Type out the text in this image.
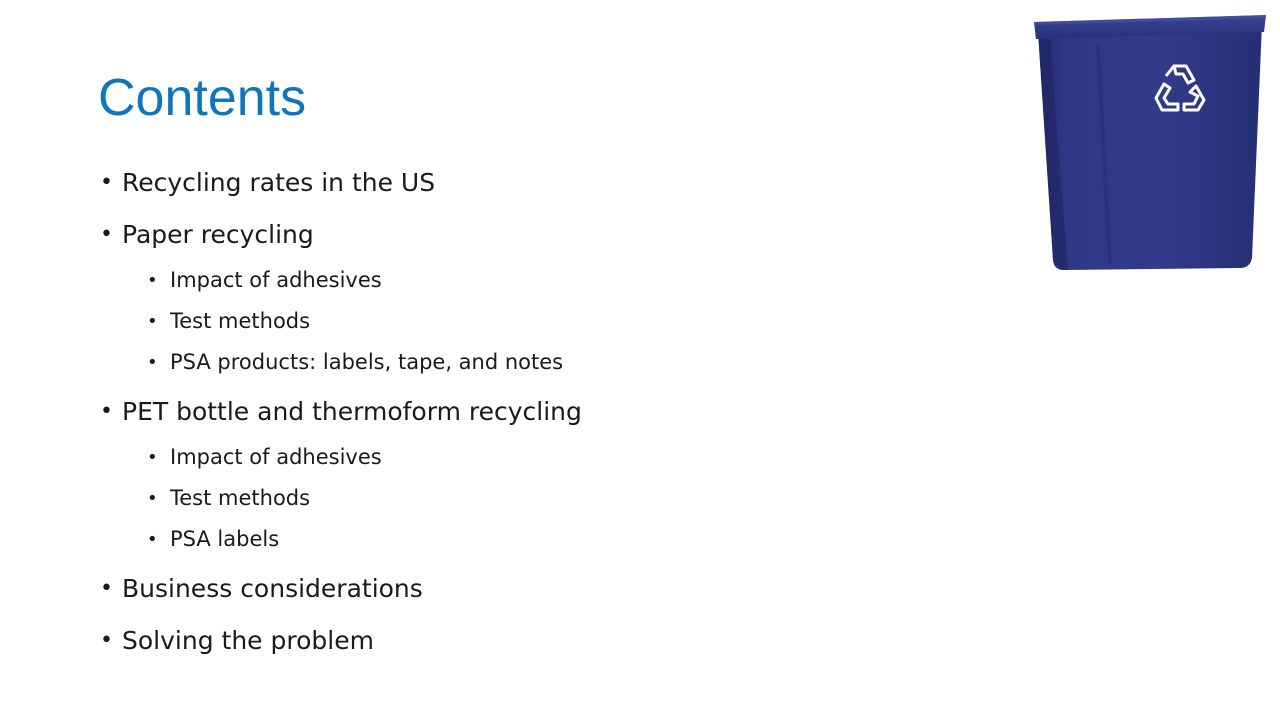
Contents
• Recycling rates in the US
• Paper recycling
• Impact of adhesives
• Test methods
• PSA products: labels, tape, and notes
• PET bottle and thermoform recycling
• Impact of adhesives
• Test methods
• PSA labels
• Business considerations
• Solving the problem
